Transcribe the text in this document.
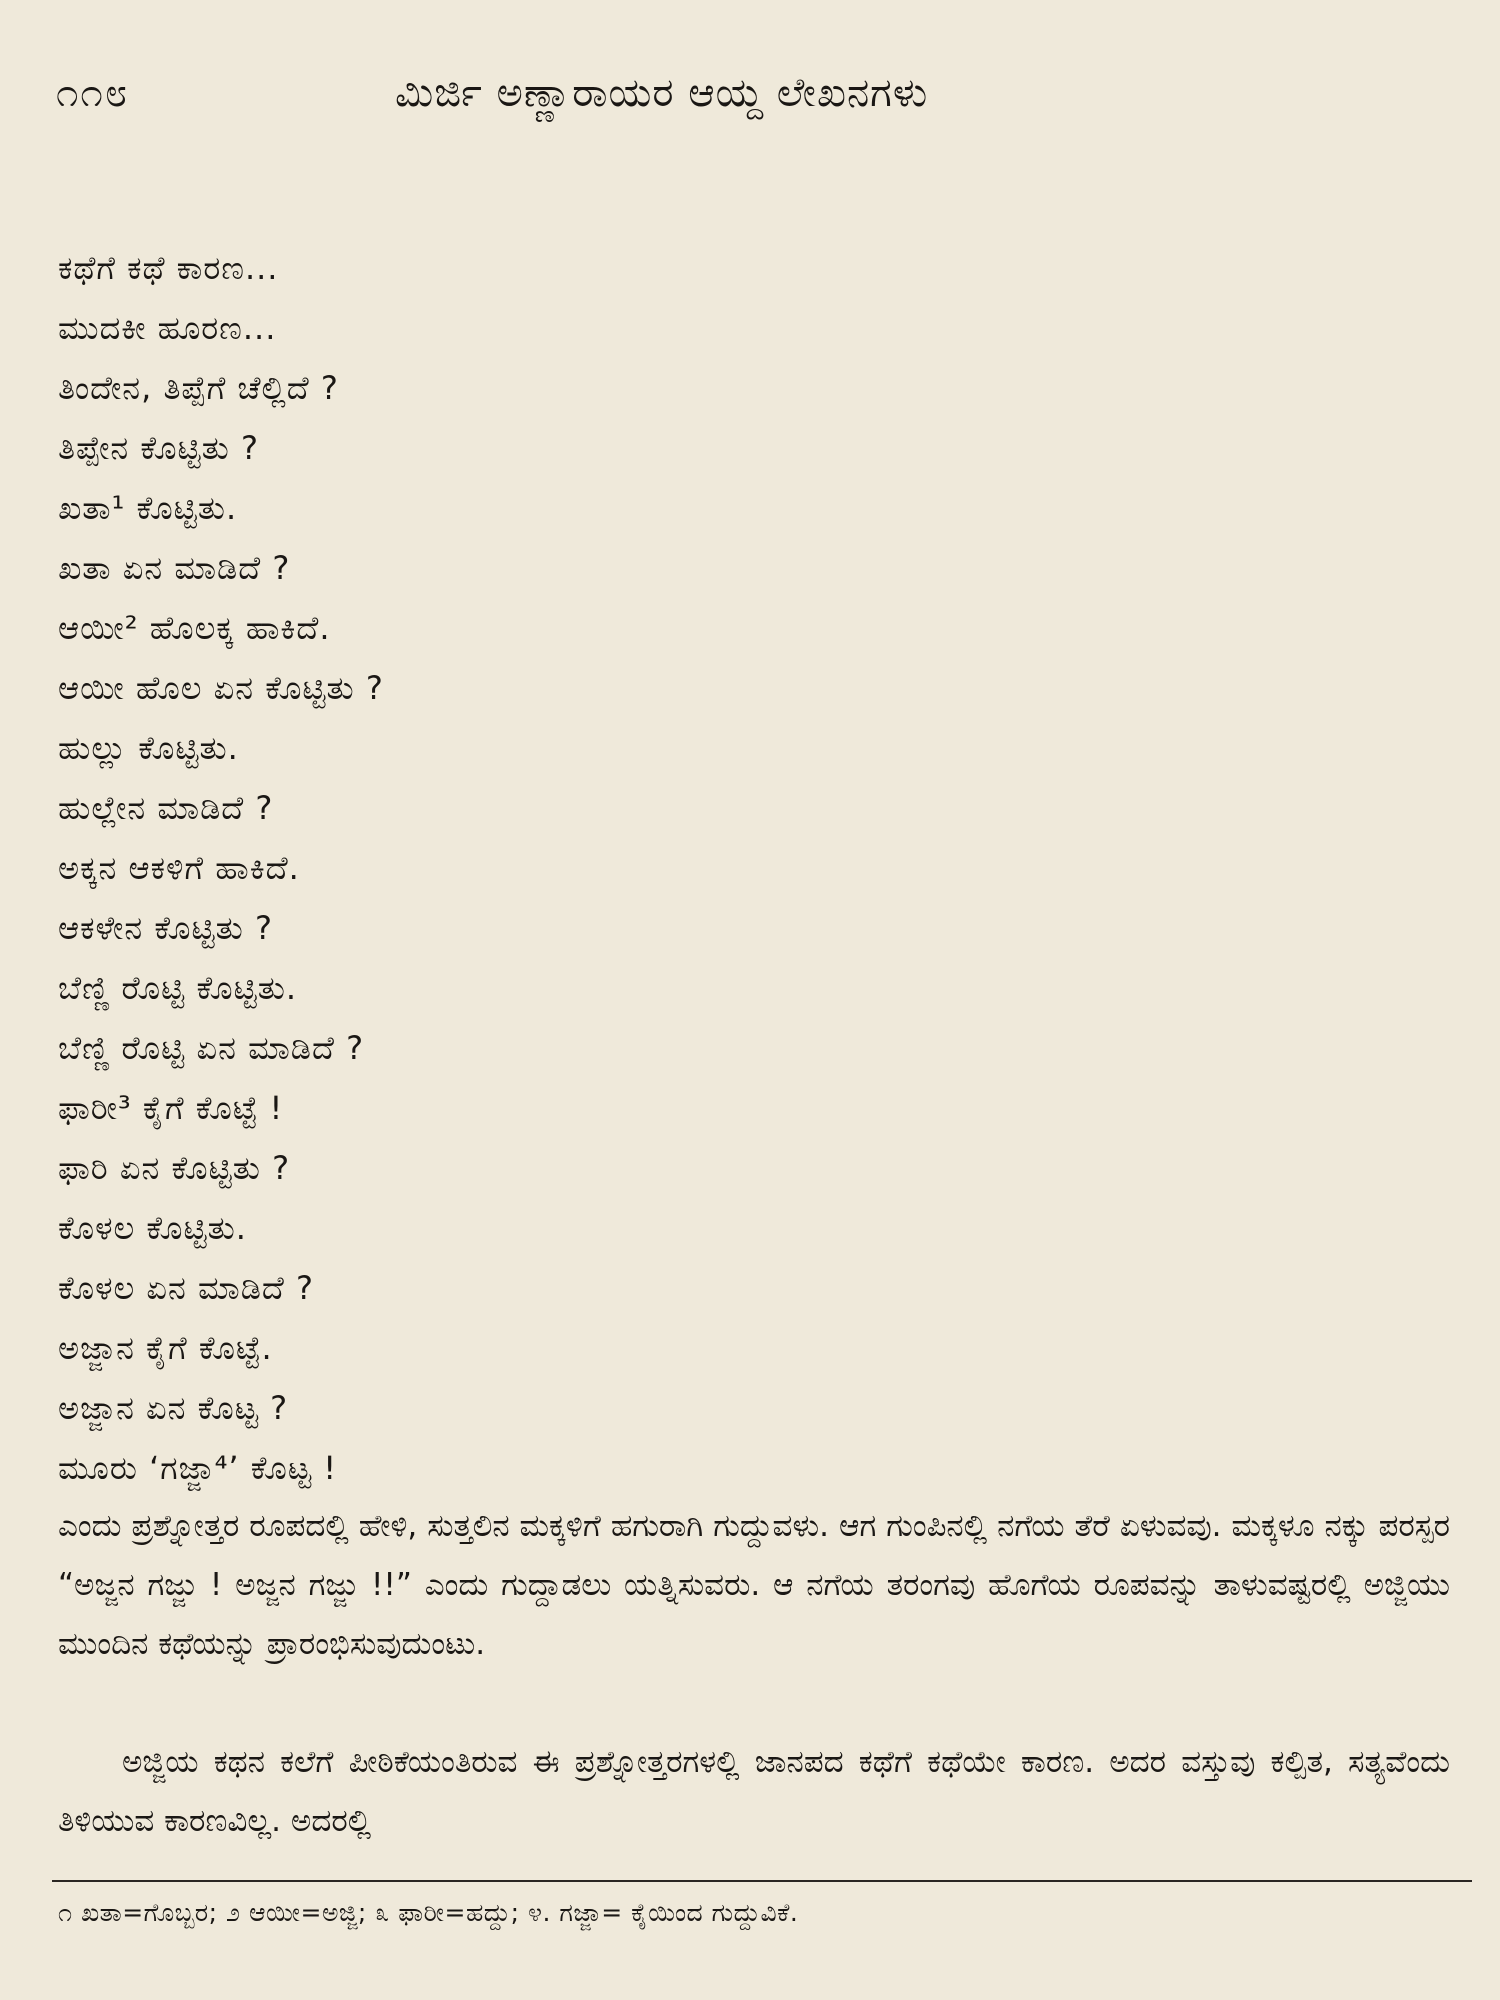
೧೧೮	ಮಿರ್ಜಿ ಅಣ್ಣಾರಾಯರ ಆಯ್ದ ಲೇಖನಗಳು
ಕಥೆಗೆ ಕಥೆ ಕಾರಣ...
ಮುದಕೀ ಹೂರಣ...
ತಿಂದೇನ, ತಿಪ್ಪೆಗೆ ಚೆಲ್ಲಿದೆ ?
ತಿಪ್ಪೇನ ಕೊಟ್ಟಿತು ?
ಖತಾ¹ ಕೊಟ್ಟಿತು.
ಖತಾ ಏನ ಮಾಡಿದೆ ?
ಆಯೀ² ಹೊಲಕ್ಕ ಹಾಕಿದೆ.
ಆಯೀ ಹೊಲ ಏನ ಕೊಟ್ಟಿತು ?
ಹುಲ್ಲು ಕೊಟ್ಟಿತು.
ಹುಲ್ಲೇನ ಮಾಡಿದೆ ?
ಅಕ್ಕನ ಆಕಳಿಗೆ ಹಾಕಿದೆ.
ಆಕಳೇನ ಕೊಟ್ಟಿತು ?
ಬೆಣ್ಣಿ ರೊಟ್ಟಿ ಕೊಟ್ಟಿತು.
ಬೆಣ್ಣಿ ರೊಟ್ಟಿ ಏನ ಮಾಡಿದೆ ?
ಫಾರೀ³ ಕೈಗೆ ಕೊಟ್ಟೆ !
ಫಾರಿ ಏನ ಕೊಟ್ಟಿತು ?
ಕೊಳಲ ಕೊಟ್ಟಿತು.
ಕೊಳಲ ಏನ ಮಾಡಿದೆ ?
ಅಜ್ಜಾನ ಕೈಗೆ ಕೊಟ್ಟೆ.
ಅಜ್ಜಾನ ಏನ ಕೊಟ್ಟ ?
ಮೂರು ‘ಗಜ್ಜಾ⁴’ ಕೊಟ್ಟ !

ಎಂದು ಪ್ರಶ್ನೋತ್ತರ ರೂಪದಲ್ಲಿ ಹೇಳಿ, ಸುತ್ತಲಿನ ಮಕ್ಕಳಿಗೆ ಹಗುರಾಗಿ ಗುದ್ದುವಳು. ಆಗ ಗುಂಪಿನಲ್ಲಿ ನಗೆಯ ತೆರೆ ಏಳುವವು. ಮಕ್ಕಳೂ ನಕ್ಕು ಪರಸ್ಪರ “ಅಜ್ಜನ ಗಜ್ಜು ! ಅಜ್ಜನ ಗಜ್ಜು !!” ಎಂದು ಗುದ್ದಾಡಲು ಯತ್ನಿಸುವರು. ಆ ನಗೆಯ ತರಂಗವು ಹೊಗೆಯ ರೂಪವನ್ನು ತಾಳುವಷ್ಟರಲ್ಲಿ ಅಜ್ಜಿಯು ಮುಂದಿನ ಕಥೆಯನ್ನು ಪ್ರಾರಂಭಿಸುವುದುಂಟು.

ಅಜ್ಜಿಯ ಕಥನ ಕಲೆಗೆ ಪೀಠಿಕೆಯಂತಿರುವ ಈ ಪ್ರಶ್ನೋತ್ತರಗಳಲ್ಲಿ ಜಾನಪದ ಕಥೆಗೆ ಕಥೆಯೇ ಕಾರಣ. ಅದರ ವಸ್ತುವು ಕಲ್ಪಿತ, ಸತ್ಯವೆಂದು ತಿಳಿಯುವ ಕಾರಣವಿಲ್ಲ. ಅದರಲ್ಲಿ

೧ ಖತಾ=ಗೊಬ್ಬರ; ೨ ಆಯೀ=ಅಜ್ಜಿ; ೩ ಫಾರೀ=ಹದ್ದು; ೪. ಗಜ್ಜಾ= ಕೈಯಿಂದ ಗುದ್ದುವಿಕೆ.
